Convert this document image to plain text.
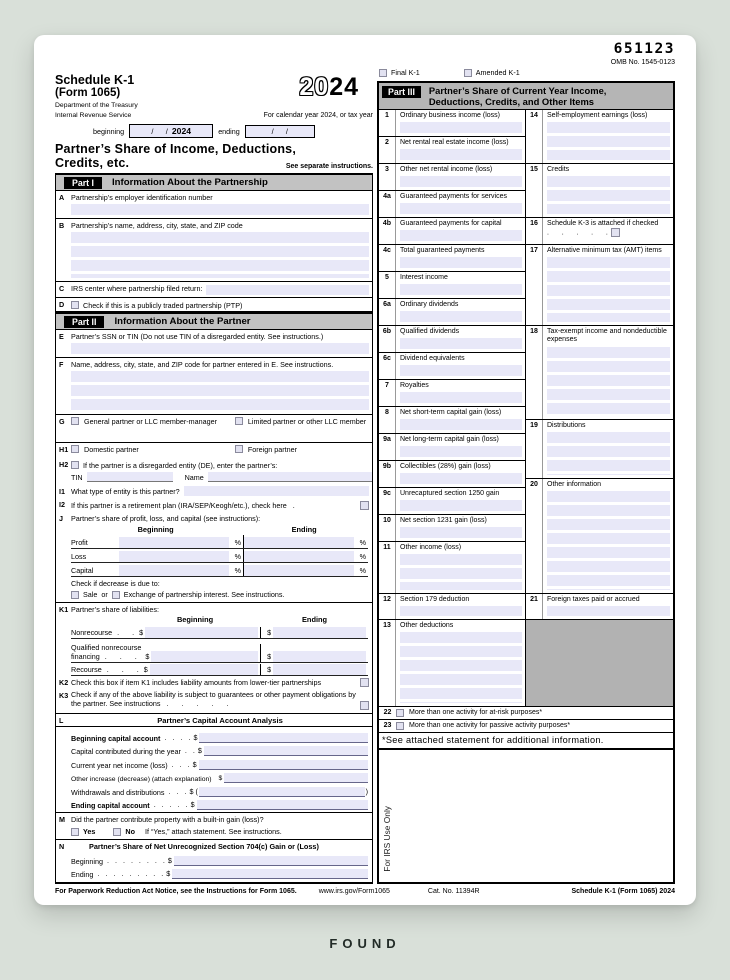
Schedule K-1
(Form 1065)
Department of the Treasury
Internal Revenue Service
2024
For calendar year 2024, or tax year
beginning	/      / 2024	ending	/      /
Partner’s Share of Income, Deductions,
Credits, etc.	See separate instructions.
Part I	Information About the Partnership
A Partnership’s employer identification number
B Partnership’s name, address, city, state, and ZIP code
C IRS center where partnership filed return:
D	Check if this is a publicly traded partnership (PTP)
Part II	Information About the Partner
E	Partner’s SSN or TIN (Do not use TIN of a disregarded entity. See instructions.)
F	Name, address, city, state, and ZIP code for partner entered in E. See instructions.
G	General partner or LLC member-manager	Limited partner or other LLC member
H1	Domestic partner	Foreign partner
H2	If the partner is a disregarded entity (DE), enter the partner’s:
TIN	Name
I1 What type of entity is this partner?
I2 If this partner is a retirement plan (IRA/SEP/Keogh/etc.), check here .
J	Partner’s share of profit, loss, and capital (see instructions):
Beginning	Ending
Profit	%	%
Loss	%	%
Capital	%	%
Check if decrease is due to:
Sale or Exchange of partnership interest. See instructions.
K1 Partner’s share of liabilities:
Beginning	Ending
Nonrecourse .    . $	$
Qualified nonrecourse
financing .    .    .	$	$
Recourse .    .    . $	$
K2 Check this box if item K1 includes liability amounts from lower-tier partnerships
K3 Check if any of the above liability is subject to guarantees or other payment obligations by the partner. See instructions .    .    .    .    .
L	Partner’s Capital Account Analysis
Beginning capital account .   .   .   . $
Capital contributed during the year .   . $
Current year net income (loss) .   .   . $
Other increase (decrease) (attach explanation) $
Withdrawals and distributions .   .   . $ (	)
Ending capital account .   .   .   .   . $
M Did the partner contribute property with a built-in gain (loss)?
Yes	No If “Yes,” attach statement. See instructions.
N	Partner’s Share of Net Unrecognized Section 704(c) Gain or (Loss)
Beginning .   .   .   .   .   .   .   . $
Ending .   .   .   .   .   .   .   .   . $
651123
OMB No. 1545-0123
Final K-1	Amended K-1
Part III	Partner’s Share of Current Year Income,
Deductions, Credits, and Other Items
1	Ordinary business income (loss)
2	Net rental real estate income (loss)
3	Other net rental income (loss)
4a	Guaranteed payments for services
4b	Guaranteed payments for capital
4c	Total guaranteed payments
5	Interest income
6a	Ordinary dividends
6b	Qualified dividends
6c	Dividend equivalents
7	Royalties
8	Net short-term capital gain (loss)
9a	Net long-term capital gain (loss)
9b	Collectibles (28%) gain (loss)
9c	Unrecaptured section 1250 gain
10	Net section 1231 gain (loss)
11	Other income (loss)
12	Section 179 deduction
13	Other deductions
14	Self-employment earnings (loss)
15	Credits
16	Schedule K-3 is attached if checked .    .    .    .    .
17	Alternative minimum tax (AMT) items
18	Tax-exempt income and nondeductible expenses
19	Distributions
20	Other information
21	Foreign taxes paid or accrued
22	More than one activity for at-risk purposes*
23	More than one activity for passive activity purposes*
*See attached statement for additional information.
For IRS Use Only
For Paperwork Reduction Act Notice, see the Instructions for Form 1065.	www.irs.gov/Form1065	Cat. No. 11394R	Schedule K-1 (Form 1065) 2024
FOUND
